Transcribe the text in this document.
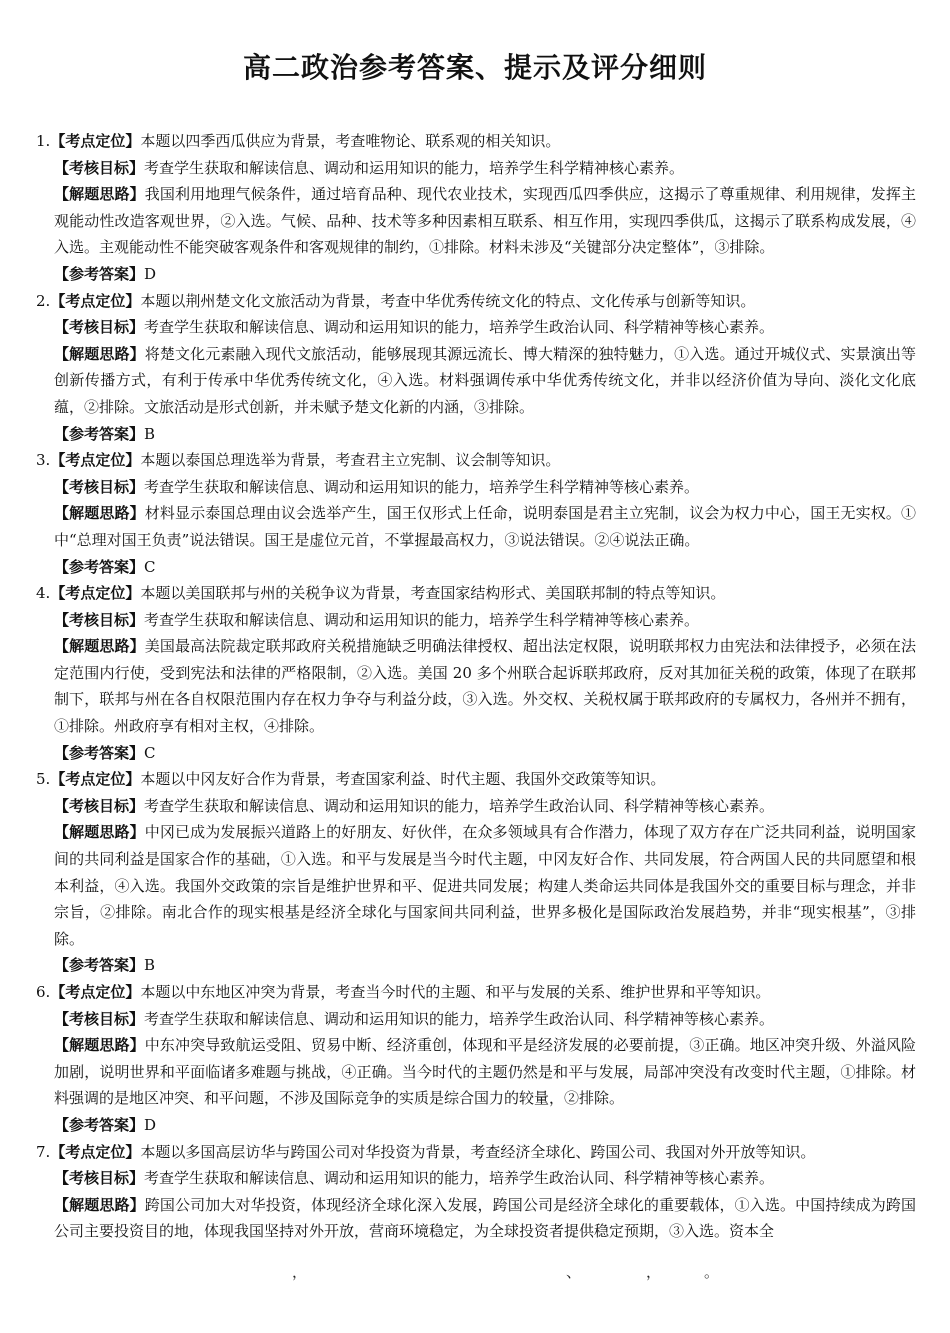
高二政治参考答案、提示及评分细则

1.【考点定位】本题以四季西瓜供应为背景，考查唯物论、联系观的相关知识。

【考核目标】考查学生获取和解读信息、调动和运用知识的能力，培养学生科学精神核心素养。

【解题思路】我国利用地理气候条件，通过培育品种、现代农业技术，实现西瓜四季供应，这揭示了尊重规律、利用规律，发挥主观能动性改造客观世界，②入选。气候、品种、技术等多种因素相互联系、相互作用，实现四季供瓜，这揭示了联系构成发展，④入选。主观能动性不能突破客观条件和客观规律的制约，①排除。材料未涉及“关键部分决定整体”，③排除。

【参考答案】D

2.【考点定位】本题以荆州楚文化文旅活动为背景，考查中华优秀传统文化的特点、文化传承与创新等知识。

【考核目标】考查学生获取和解读信息、调动和运用知识的能力，培养学生政治认同、科学精神等核心素养。

【解题思路】将楚文化元素融入现代文旅活动，能够展现其源远流长、博大精深的独特魅力，①入选。通过开城仪式、实景演出等创新传播方式，有利于传承中华优秀传统文化，④入选。材料强调传承中华优秀传统文化，并非以经济价值为导向、淡化文化底蕴，②排除。文旅活动是形式创新，并未赋予楚文化新的内涵，③排除。

【参考答案】B

3.【考点定位】本题以泰国总理选举为背景，考查君主立宪制、议会制等知识。

【考核目标】考查学生获取和解读信息、调动和运用知识的能力，培养学生科学精神等核心素养。

【解题思路】材料显示泰国总理由议会选举产生，国王仅形式上任命，说明泰国是君主立宪制，议会为权力中心，国王无实权。①中“总理对国王负责”说法错误。国王是虚位元首，不掌握最高权力，③说法错误。②④说法正确。

【参考答案】C

4.【考点定位】本题以美国联邦与州的关税争议为背景，考查国家结构形式、美国联邦制的特点等知识。

【考核目标】考查学生获取和解读信息、调动和运用知识的能力，培养学生科学精神等核心素养。

【解题思路】美国最高法院裁定联邦政府关税措施缺乏明确法律授权、超出法定权限，说明联邦权力由宪法和法律授予，必须在法定范围内行使，受到宪法和法律的严格限制，②入选。美国 20 多个州联合起诉联邦政府，反对其加征关税的政策，体现了在联邦制下，联邦与州在各自权限范围内存在权力争夺与利益分歧，③入选。外交权、关税权属于联邦政府的专属权力，各州并不拥有，①排除。州政府享有相对主权，④排除。

【参考答案】C

5.【考点定位】本题以中冈友好合作为背景，考查国家利益、时代主题、我国外交政策等知识。

【考核目标】考查学生获取和解读信息、调动和运用知识的能力，培养学生政治认同、科学精神等核心素养。

【解题思路】中冈已成为发展振兴道路上的好朋友、好伙伴，在众多领域具有合作潜力，体现了双方存在广泛共同利益，说明国家间的共同利益是国家合作的基础，①入选。和平与发展是当今时代主题，中冈友好合作、共同发展，符合两国人民的共同愿望和根本利益，④入选。我国外交政策的宗旨是维护世界和平、促进共同发展；构建人类命运共同体是我国外交的重要目标与理念，并非宗旨，②排除。南北合作的现实根基是经济全球化与国家间共同利益，世界多极化是国际政治发展趋势，并非“现实根基”，③排除。

【参考答案】B

6.【考点定位】本题以中东地区冲突为背景，考查当今时代的主题、和平与发展的关系、维护世界和平等知识。

【考核目标】考查学生获取和解读信息、调动和运用知识的能力，培养学生政治认同、科学精神等核心素养。

【解题思路】中东冲突导致航运受阻、贸易中断、经济重创，体现和平是经济发展的必要前提，③正确。地区冲突升级、外溢风险加剧，说明世界和平面临诸多难题与挑战，④正确。当今时代的主题仍然是和平与发展，局部冲突没有改变时代主题，①排除。材料强调的是地区冲突、和平问题，不涉及国际竞争的实质是综合国力的较量，②排除。

【参考答案】D

7.【考点定位】本题以多国高层访华与跨国公司对华投资为背景，考查经济全球化、跨国公司、我国对外开放等知识。

【考核目标】考查学生获取和解读信息、调动和运用知识的能力，培养学生政治认同、科学精神等核心素养。

【解题思路】跨国公司加大对华投资，体现经济全球化深入发展，跨国公司是经济全球化的重要载体，①入选。中国持续成为跨国公司主要投资目的地，体现我国坚持对外开放，营商环境稳定，为全球投资者提供稳定预期，③入选。资本全

，	、	，	。
